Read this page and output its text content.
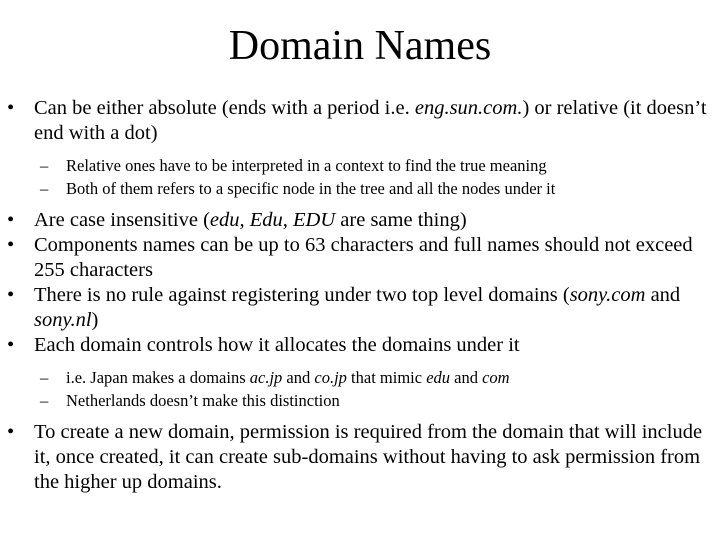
Domain Names
• Can be either absolute (ends with a period i.e. eng.sun.com.) or relative (it doesn’t end with a dot)
– Relative ones have to be interpreted in a context to find the true meaning
– Both of them refers to a specific node in the tree and all the nodes under it
• Are case insensitive (edu, Edu, EDU are same thing)
• Components names can be up to 63 characters and full names should not exceed 255 characters
• There is no rule against registering under two top level domains (sony.com and sony.nl)
• Each domain controls how it allocates the domains under it
– i.e. Japan makes a domains ac.jp and co.jp that mimic edu and com
– Netherlands doesn’t make this distinction
• To create a new domain, permission is required from the domain that will include it, once created, it can create sub-domains without having to ask permission from the higher up domains.
